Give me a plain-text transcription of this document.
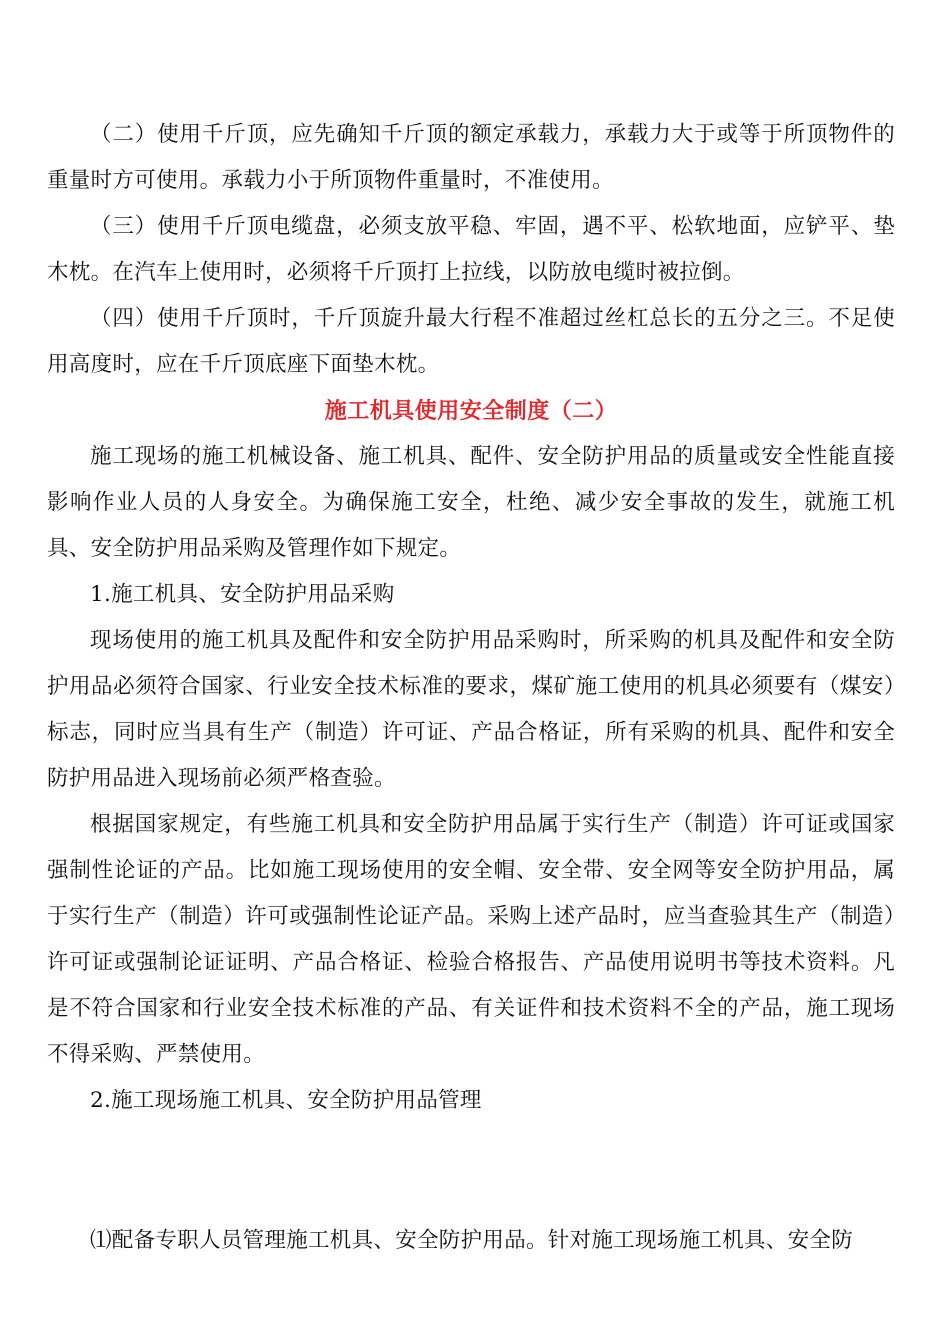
（二）使用千斤顶，应先确知千斤顶的额定承载力，承载力大于或等于所顶物件的重量时方可使用。承载力小于所顶物件重量时，不准使用。

（三）使用千斤顶电缆盘，必须支放平稳、牢固，遇不平、松软地面，应铲平、垫木枕。在汽车上使用时，必须将千斤顶打上拉线，以防放电缆时被拉倒。

（四）使用千斤顶时，千斤顶旋升最大行程不准超过丝杠总长的五分之三。不足使用高度时，应在千斤顶底座下面垫木枕。

施工机具使用安全制度（二）

施工现场的施工机械设备、施工机具、配件、安全防护用品的质量或安全性能直接影响作业人员的人身安全。为确保施工安全，杜绝、减少安全事故的发生，就施工机具、安全防护用品采购及管理作如下规定。

1.施工机具、安全防护用品采购

现场使用的施工机具及配件和安全防护用品采购时，所采购的机具及配件和安全防护用品必须符合国家、行业安全技术标准的要求，煤矿施工使用的机具必须要有（煤安）标志，同时应当具有生产（制造）许可证、产品合格证，所有采购的机具、配件和安全防护用品进入现场前必须严格查验。

根据国家规定，有些施工机具和安全防护用品属于实行生产（制造）许可证或国家强制性论证的产品。比如施工现场使用的安全帽、安全带、安全网等安全防护用品，属于实行生产（制造）许可或强制性论证产品。采购上述产品时，应当查验其生产（制造）许可证或强制论证证明、产品合格证、检验合格报告、产品使用说明书等技术资料。凡是不符合国家和行业安全技术标准的产品、有关证件和技术资料不全的产品，施工现场不得采购、严禁使用。

2.施工现场施工机具、安全防护用品管理

⑴配备专职人员管理施工机具、安全防护用品。针对施工现场施工机具、安全防
